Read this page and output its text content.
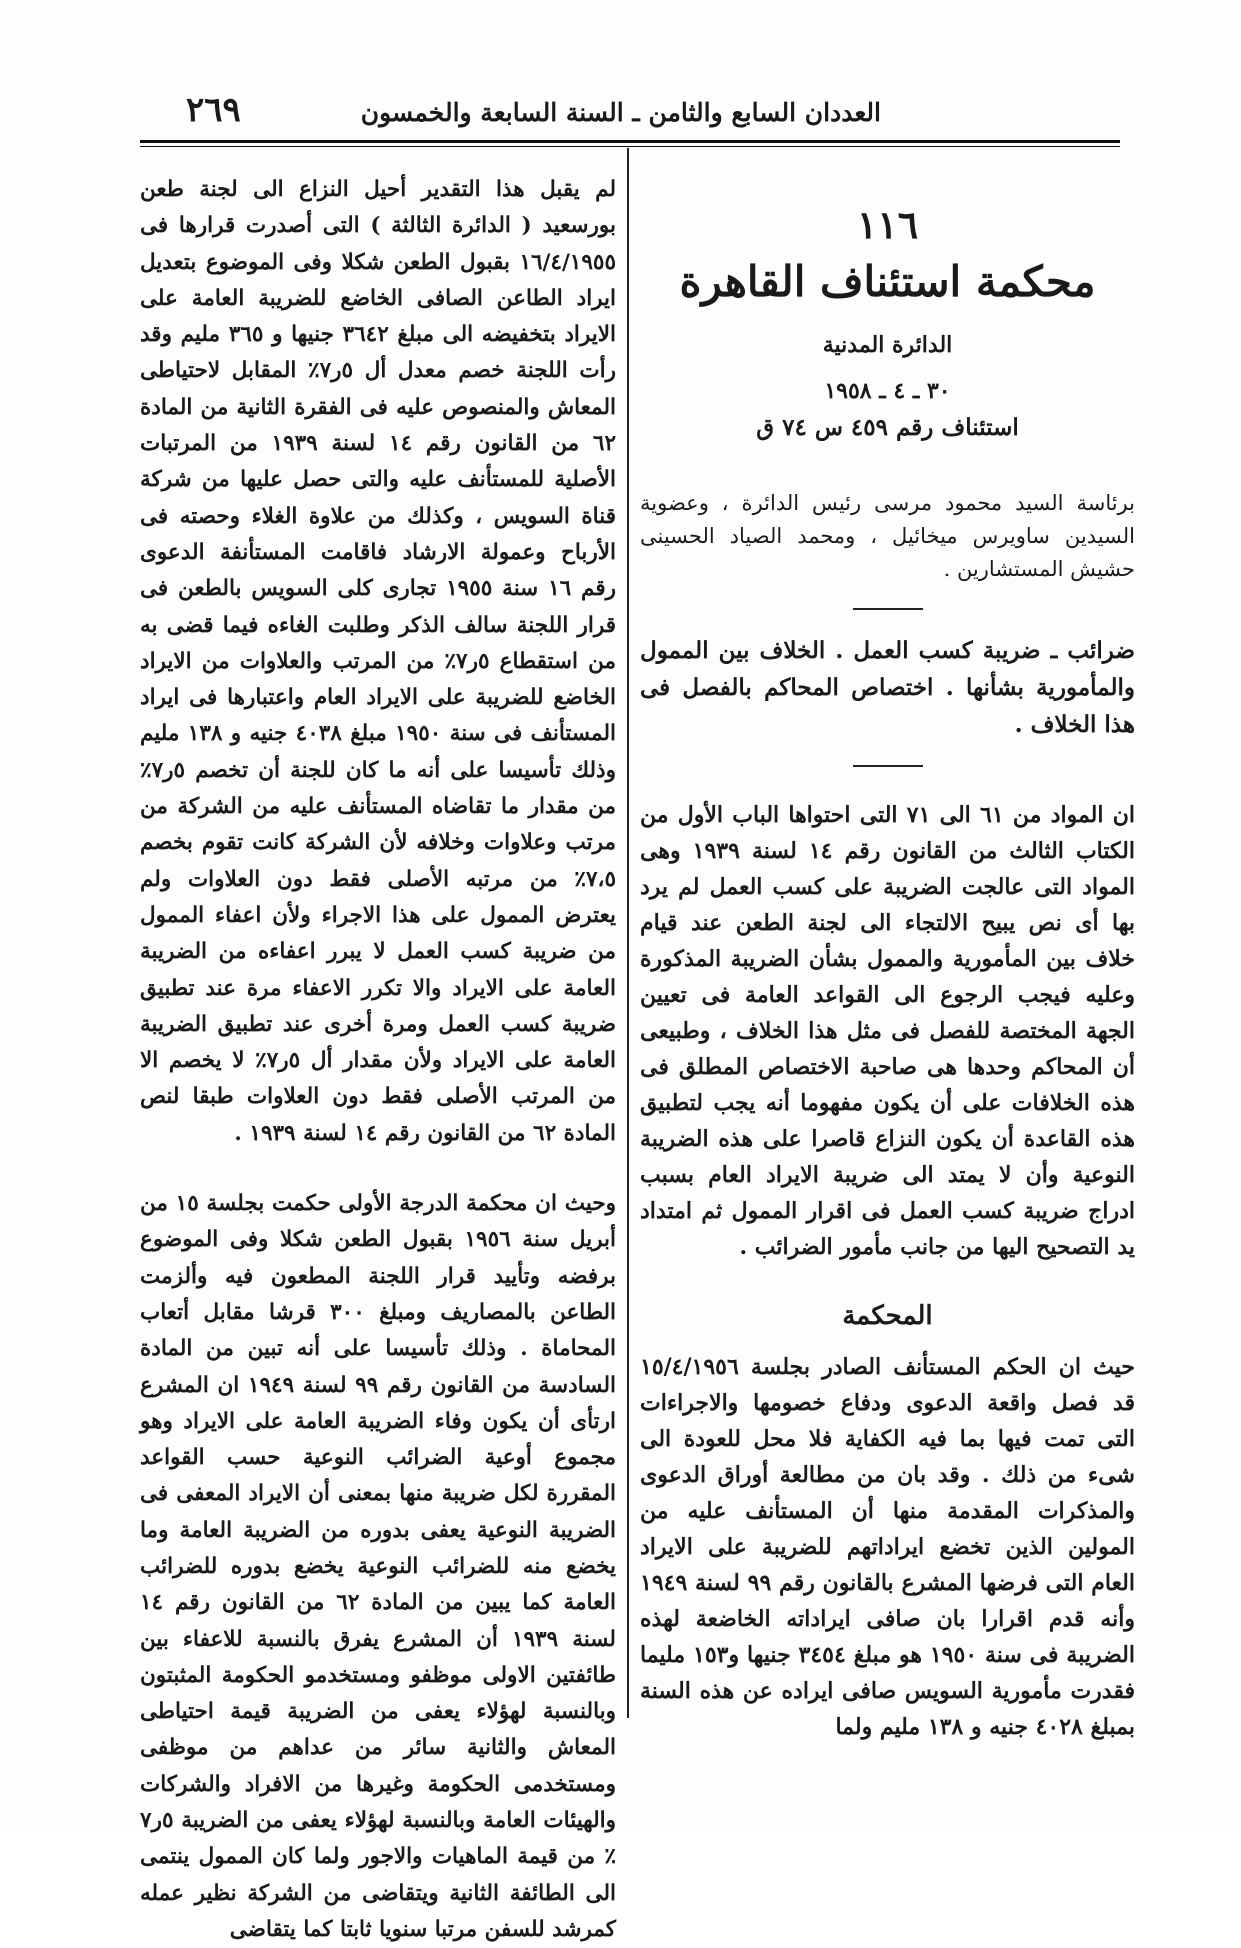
العددان السابع والثامن ـ السنة السابعة والخمسون
٢٦٩
١١٦
محكمة استئناف القاهرة
الدائرة المدنية
٣٠ ـ ٤ ـ ١٩٥٨
استئناف رقم ٤٥٩ س ٧٤ ق
برئاسة السيد محمود مرسى رئيس الدائرة ، وعضوية السيدين ساويرس ميخائيل ، ومحمد الصياد الحسينى حشيش المستشارين .
ضرائب ـ ضريبة كسب العمل . الخلاف بين الممول والمأمورية بشأنها . اختصاص المحاكم بالفصل فى هذا الخلاف .
ان المواد من ٦١ الى ٧١ التى احتواها الباب الأول من الكتاب الثالث من القانون رقم ١٤ لسنة ١٩٣٩ وهى المواد التى عالجت الضريبة على كسب العمل لم يرد بها أى نص يبيح الالتجاء الى لجنة الطعن عند قيام خلاف بين المأمورية والممول بشأن الضريبة المذكورة وعليه فيجب الرجوع الى القواعد العامة فى تعيين الجهة المختصة للفصل فى مثل هذا الخلاف ، وطبيعى أن المحاكم وحدها هى صاحبة الاختصاص المطلق فى هذه الخلافات على أن يكون مفهوما أنه يجب لتطبيق هذه القاعدة أن يكون النزاع قاصرا على هذه الضريبة النوعية وأن لا يمتد الى ضريبة الايراد العام بسبب ادراج ضريبة كسب العمل فى اقرار الممول ثم امتداد يد التصحيح اليها من جانب مأمور الضرائب .
المحكمة
حيث ان الحكم المستأنف الصادر بجلسة ١٥/٤/١٩٥٦ قد فصل واقعة الدعوى ودفاع خصومها والاجراءات التى تمت فيها بما فيه الكفاية فلا محل للعودة الى شىء من ذلك . وقد بان من مطالعة أوراق الدعوى والمذكرات المقدمة منها أن المستأنف عليه من المولين الذين تخضع ايراداتهم للضريبة على الايراد العام التى فرضها المشرع بالقانون رقم ٩٩ لسنة ١٩٤٩ وأنه قدم اقرارا بان صافى ايراداته الخاضعة لهذه الضريبة فى سنة ١٩٥٠ هو مبلغ ٣٤٥٤ جنيها و١٥٣ مليما فقدرت مأمورية السويس صافى ايراده عن هذه السنة بمبلغ ٤٠٢٨ جنيه و ١٣٨ مليم ولما
لم يقبل هذا التقدير أحيل النزاع الى لجنة طعن بورسعيد ( الدائرة الثالثة ) التى أصدرت قرارها فى ١٦/٤/١٩٥٥ بقبول الطعن شكلا وفى الموضوع بتعديل ايراد الطاعن الصافى الخاضع للضريبة العامة على الايراد بتخفيضه الى مبلغ ٣٦٤٢ جنيها و ٣٦٥ مليم وقد رأت اللجنة خصم معدل أل ٥ر٧٪ المقابل لاحتياطى المعاش والمنصوص عليه فى الفقرة الثانية من المادة ٦٢ من القانون رقم ١٤ لسنة ١٩٣٩ من المرتبات الأصلية للمستأنف عليه والتى حصل عليها من شركة قناة السويس ، وكذلك من علاوة الغلاء وحصته فى الأرباح وعمولة الارشاد فاقامت المستأنفة الدعوى رقم ١٦ سنة ١٩٥٥ تجارى كلى السويس بالطعن فى قرار اللجنة سالف الذكر وطلبت الغاءه فيما قضى به من استقطاع ٥ر٧٪ من المرتب والعلاوات من الايراد الخاضع للضريبة على الايراد العام واعتبارها فى ايراد المستأنف فى سنة ١٩٥٠ مبلغ ٤٠٣٨ جنيه و ١٣٨ مليم وذلك تأسيسا على أنه ما كان للجنة أن تخصم ٥ر٧٪ من مقدار ما تقاضاه المستأنف عليه من الشركة من مرتب وعلاوات وخلافه لأن الشركة كانت تقوم بخصم ٧،٥٪ من مرتبه الأصلى فقط دون العلاوات ولم يعترض الممول على هذا الاجراء ولأن اعفاء الممول من ضريبة كسب العمل لا يبرر اعفاءه من الضريبة العامة على الايراد والا تكرر الاعفاء مرة عند تطبيق ضريبة كسب العمل ومرة أخرى عند تطبيق الضريبة العامة على الايراد ولأن مقدار أل ٥ر٧٪ لا يخصم الا من المرتب الأصلى فقط دون العلاوات طبقا لنص المادة ٦٢ من القانون رقم ١٤ لسنة ١٩٣٩ .
وحيث ان محكمة الدرجة الأولى حكمت بجلسة ١٥ من أبريل سنة ١٩٥٦ بقبول الطعن شكلا وفى الموضوع برفضه وتأييد قرار اللجنة المطعون فيه وألزمت الطاعن بالمصاريف ومبلغ ٣٠٠ قرشا مقابل أتعاب المحاماة . وذلك تأسيسا على أنه تبين من المادة السادسة من القانون رقم ٩٩ لسنة ١٩٤٩ ان المشرع ارتأى أن يكون وفاء الضريبة العامة على الايراد وهو مجموع أوعية الضرائب النوعية حسب القواعد المقررة لكل ضريبة منها بمعنى أن الايراد المعفى فى الضريبة النوعية يعفى بدوره من الضريبة العامة وما يخضع منه للضرائب النوعية يخضع بدوره للضرائب العامة كما يبين من المادة ٦٢ من القانون رقم ١٤ لسنة ١٩٣٩ أن المشرع يفرق بالنسبة للاعفاء بين طائفتين الاولى موظفو ومستخدمو الحكومة المثبتون وبالنسبة لهؤلاء يعفى من الضريبة قيمة احتياطى المعاش والثانية سائر من عداهم من موظفى ومستخدمى الحكومة وغيرها من الافراد والشركات والهيئات العامة وبالنسبة لهؤلاء يعفى من الضريبة ٥ر٧ ٪ من قيمة الماهيات والاجور ولما كان الممول ينتمى الى الطائفة الثانية ويتقاضى من الشركة نظير عمله كمرشد للسفن مرتبا سنويا ثابتا كما يتقاضى
